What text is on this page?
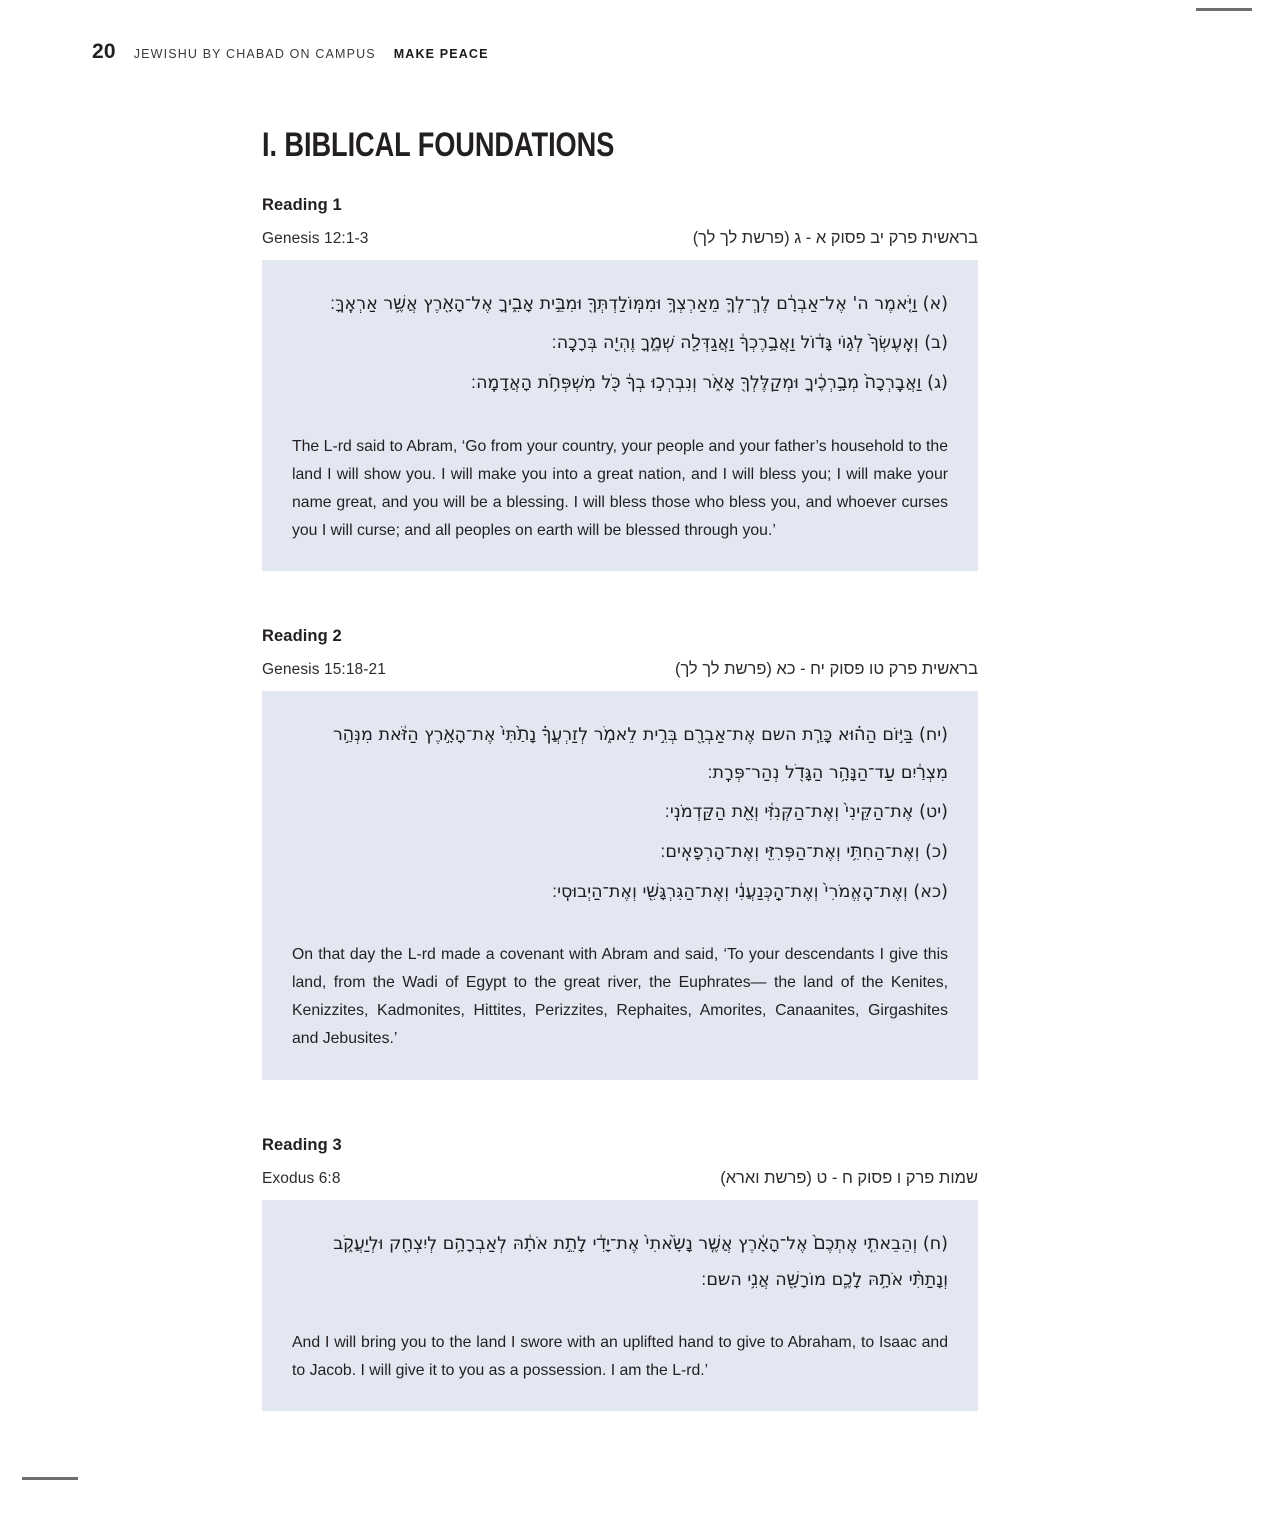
20 JEWISHU BY CHABAD ON CAMPUS MAKE PEACE
I. BIBLICAL FOUNDATIONS
Reading 1
Genesis 12:1-3	בראשית פרק יב פסוק א - ג (פרשת לך לך)

(א) וַיֹּ֤אמֶר ה' אֶל־אַבְרָ֔ם לֶךְ־לְךָ֛ מֵאַרְצְךָ֥ וּמִמּֽוֹלַדְתְּךָ֖ וּמִבֵּ֣ית אָבִ֑יךָ אֶל־הָאָ֖רֶץ אֲשֶׁ֥ר אַרְאֶֽךָּ׃

(ב) וְאֶֽעֶשְׂךָ֙ לְג֣וֹי גָּד֔וֹל וַאֲבָ֣רֶכְךָ֔ וַאֲגַדְּלָ֖ה שְׁמֶ֑ךָ וֶהְיֵ֖ה בְּרָכָֽה׃

(ג) וַאֲבָֽרְכָה֙ מְבָ֣רְכֶ֔יךָ וּמְקַלֶּלְךָ֖ אָאֹ֑ר וְנִבְרְכ֣וּ בְךָ֔ כֹּ֖ל מִשְׁפְּחֹ֥ת הָאֲדָמָֽה׃

The L-rd said to Abram, ‘Go from your country, your people and your father’s household to the land I will show you. I will make you into a great nation, and I will bless you; I will make your name great, and you will be a blessing. I will bless those who bless you, and whoever curses you I will curse; and all peoples on earth will be blessed through you.’

Reading 2
Genesis 15:18-21	בראשית פרק טו פסוק יח - כא (פרשת לך לך)

(יח) בַּיּ֣וֹם הַה֗וּא כָּרַ֧ת השם אֶת־אַבְרָ֖ם בְּרִ֣ית לֵאמֹ֑ר לְזַרְעֲךָ֗ נָתַ֙תִּי֙ אֶת־הָאָ֣רֶץ הַזֹּ֔את מִנְּהַ֣ר מִצְרַ֔יִם עַד־הַנָּהָ֥ר הַגָּדֹ֖ל נְהַר־פְּרָֽת׃

(יט) אֶת־הַקֵּינִי֙ וְאֶת־הַקְּנִזִּ֔י וְאֵ֖ת הַקַּדְמֹנִֽי׃

(כ) וְאֶת־הַחִתִּ֥י וְאֶת־הַפְּרִזִּ֖י וְאֶת־הָרְפָאִֽים׃

(כא) וְאֶת־הָֽאֱמֹרִי֙ וְאֶת־הַֽכְּנַעֲנִ֔י וְאֶת־הַגִּרְגָּשִׁ֖י וְאֶת־הַיְבוּסִֽי׃

On that day the L-rd made a covenant with Abram and said, ‘To your descendants I give this land, from the Wadi of Egypt to the great river, the Euphrates— the land of the Kenites, Kenizzites, Kadmonites, Hittites, Perizzites, Rephaites, Amorites, Canaanites, Girgashites and Jebusites.’

Reading 3
Exodus 6:8	שמות פרק ו פסוק ח - ט (פרשת וארא)

(ח) וְהֵבֵאתִ֤י אֶתְכֶם֙ אֶל־הָאָ֔רֶץ אֲשֶׁ֤ר נָשָׂ֙אתִי֙ אֶת־יָדִ֔י לָתֵ֣ת אֹתָ֔הּ לְאַבְרָהָ֥ם לְיִצְחָ֖ק וּלְיַעֲקֹ֑ב וְנָתַתִּ֨י אֹתָ֥הּ לָכֶ֛ם מוֹרָשָׁ֖ה אֲנִ֥י השם׃

And I will bring you to the land I swore with an uplifted hand to give to Abraham, to Isaac and to Jacob. I will give it to you as a possession. I am the L-rd.’
